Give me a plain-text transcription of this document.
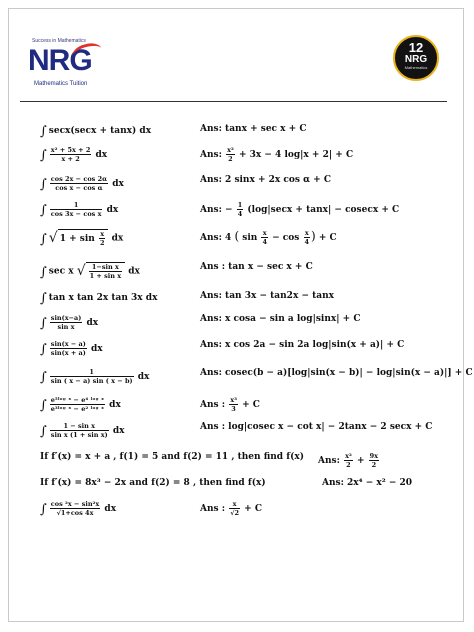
Success in Mathematics
NRG
Mathematics Tuition
12
NRG
Mathematics
∫ secx(secx + tanx) dx	Ans: tanx + sec x + C
∫ $\frac{\text{x² + 5x + 2}}{x + 2}$ dx	Ans: $\frac{\text{x²}}{2} + 3x - 4$ log|x + 2| + C
∫ $\frac{\cos 2x - \cos 2\alpha}{\text{cos x − cos α}}$ dx	Ans: 2 sinx + 2x cos α + C
∫ $\frac{1}{\text{cos 3x − cos x}}$ dx	Ans: − $\frac{1}{4} (\log|\sec x + \tan x| - cosecx + C$
∫ √ $1 + \sin \frac{x}{2}$ dx	Ans: 4 ( $\sin \frac{x}{4} - \cos \frac{x}{4}$ ) + C
∫ sec x √ $\frac{\text{1−sin x}}{\text{1 + sin x}}$ dx	Ans : tan x − sec x + C
∫ tan x tan 2x tan 3x dx	Ans: tan 3x − tan2x − tanx
∫ $\frac{\sin(x-a)}{\text{sin x}}$ dx	Ans: x cosa − sin a log|sinx| + C
∫ $\frac{\sin(x - a)}{\sin(x + a)}$ dx	Ans: x cos 2a − sin 2a log|sin(x + a)| + C
∫ $\frac{1}{\sin ( x - a) \sin ( x - b)}$ dx	Ans: cosec(b − a)[log|sin(x − b)| − log|sin(x − a)|] + C
∫ $\frac{\text{e⁵ˡᵒᵍ ˣ − e⁴ ˡᵒᵍ ˣ}}{\text{e³ˡᵒᵍ ˣ − e² ˡᵒᵍ ˣ}}$ dx	Ans : $\frac{\text{x³}}{3} + C$
∫ $\frac{\text{1 − sin x}}{\text{sin x (1 + sin x)}}$ dx	Ans : log|cosec x − cot x| − 2tanx − 2 secx + C
If f′(x) = x + a , f(1) = 5 and f(2) = 11 , then find f(x) Ans: $\frac{\text{x²}}{2} + \frac{9x}{2}$
If f′(x) = 8x³ − 2x and f(2) = 8 , then find f(x)	Ans: 2x⁴ − x² − 20
∫ $\frac{\text{cos ²x − sin²x}}{√1+\cos 4x}$ dx	Ans : $\frac{x}{√2} + C$
